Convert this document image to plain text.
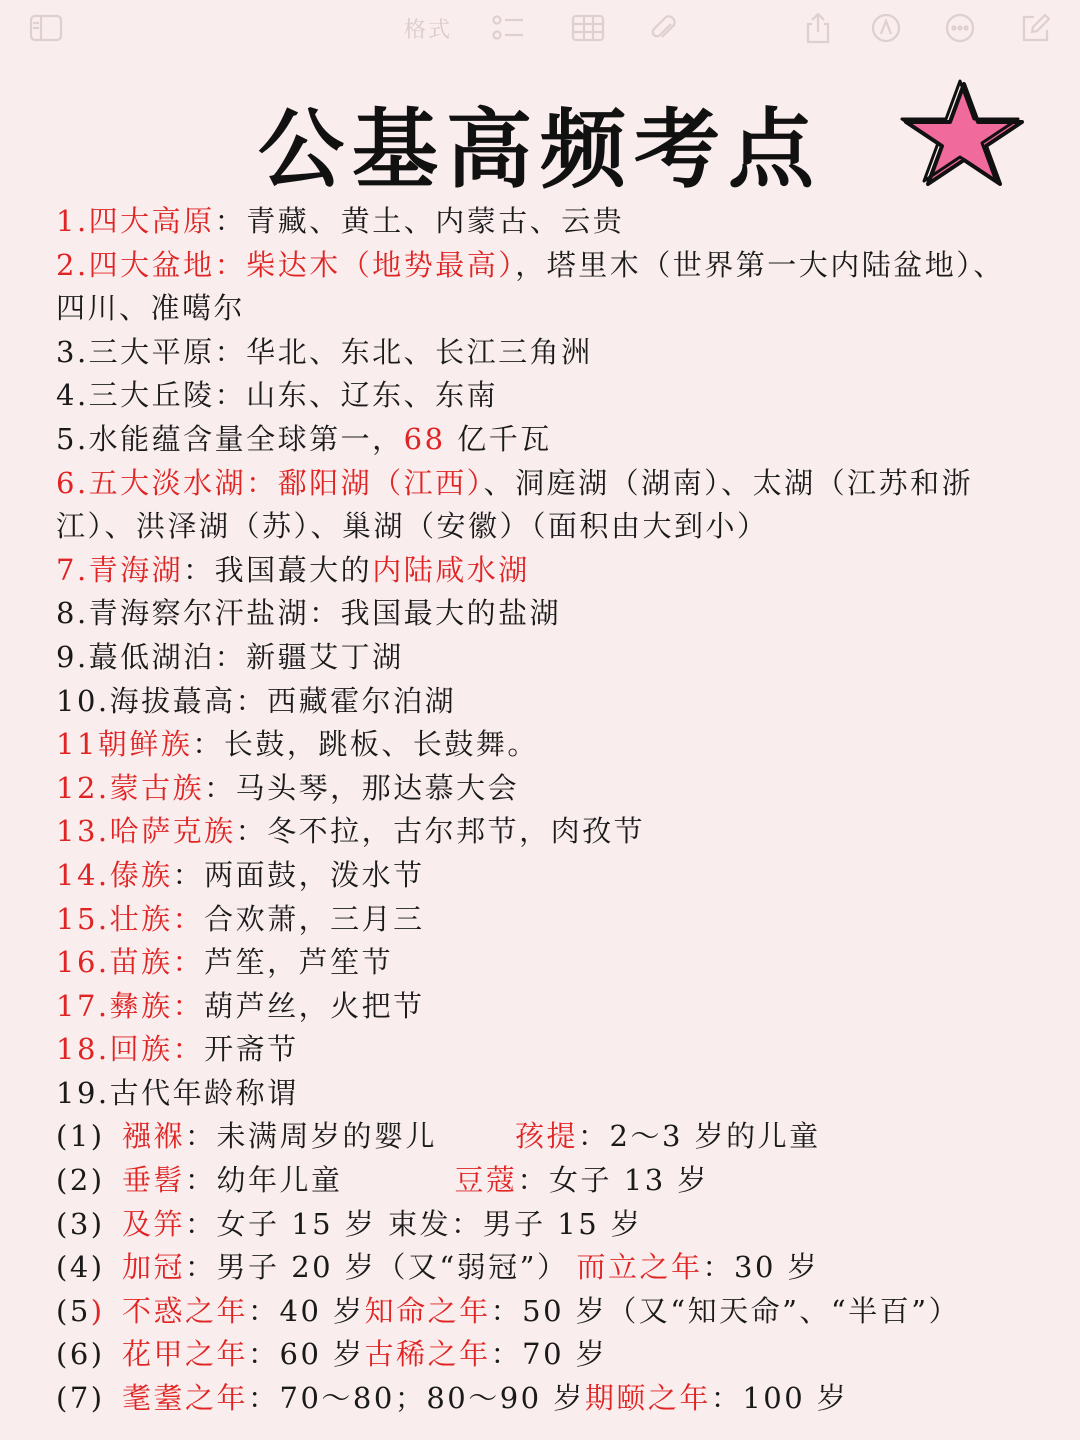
格式
公基高频考点
1.四大高原：青藏、黄土、内蒙古、云贵
2.四大盆地：柴达木（地势最高），塔里木（世界第一大内陆盆地）、
四川、准噶尔
3.三大平原：华北、东北、长江三角洲
4.三大丘陵：山东、辽东、东南
5.水能蕴含量全球第一，68 亿千瓦
6.五大淡水湖：鄱阳湖（江西）、洞庭湖（湖南）、太湖（江苏和浙
江）、洪泽湖（苏）、巢湖（安徽）（面积由大到小）
7.青海湖：我国蕞大的内陆咸水湖
8.青海察尔汗盐湖：我国最大的盐湖
9.蕞低湖泊：新疆艾丁湖
10.海拔蕞高：西藏霍尔泊湖
11朝鲜族：长鼓，跳板、长鼓舞。
12.蒙古族：马头琴，那达慕大会
13.哈萨克族：冬不拉，古尔邦节，肉孜节
14.傣族：两面鼓，泼水节
15.壮族：合欢萧，三月三
16.苗族：芦笙，芦笙节
17.彝族：葫芦丝，火把节
18.回族：开斋节
19.古代年龄称谓
(1) 襁褓 ：未满周岁的婴儿	孩提 ：2～3 岁的儿童
(2) 垂髫 ：幼年儿童	豆蔻 ：女子 13 岁
(3) 及笄 ：女子 15 岁 束发：男子 15 岁
(4) 加冠 ：男子 20 岁（又“弱冠”） 而立之年 ：30 岁
(5) 不惑之年 ：40 岁 知命之年 ：50 岁（又“知天命”、“半百”）
(6) 花甲之年 ：60 岁 古稀之年 ：70 岁
(7) 耄耋之年 ：70～80；80～90 岁 期颐之年 ：100 岁
